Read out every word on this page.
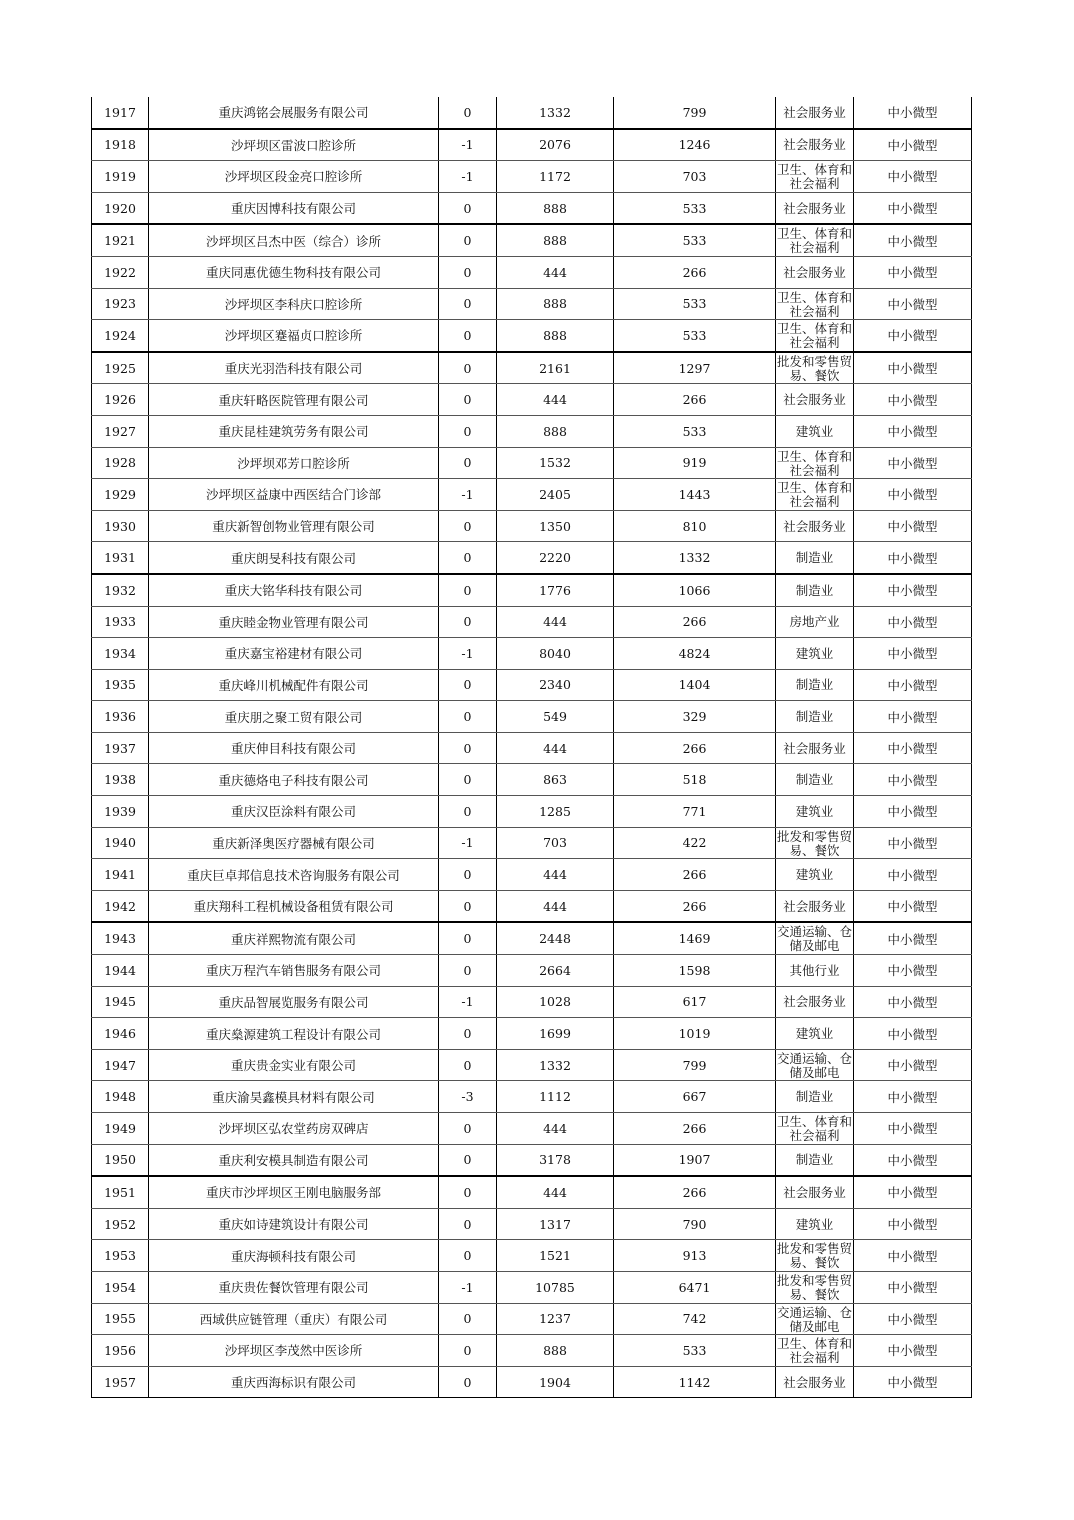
1917	重庆鸿铭会展服务有限公司	0	1332	799	社会服务业	中小微型
1918	沙坪坝区雷波口腔诊所	-1	2076	1246	社会服务业	中小微型
1919	沙坪坝区段金亮口腔诊所	-1	1172	703	卫生、体育和社会福利	中小微型
1920	重庆因博科技有限公司	0	888	533	社会服务业	中小微型
1921	沙坪坝区吕杰中医（综合）诊所	0	888	533	卫生、体育和社会福利	中小微型
1922	重庆同惠优德生物科技有限公司	0	444	266	社会服务业	中小微型
1923	沙坪坝区李科庆口腔诊所	0	888	533	卫生、体育和社会福利	中小微型
1924	沙坪坝区蹇福贞口腔诊所	0	888	533	卫生、体育和社会福利	中小微型
1925	重庆光羽浩科技有限公司	0	2161	1297	批发和零售贸易、餐饮	中小微型
1926	重庆轩略医院管理有限公司	0	444	266	社会服务业	中小微型
1927	重庆昆桂建筑劳务有限公司	0	888	533	建筑业	中小微型
1928	沙坪坝邓芳口腔诊所	0	1532	919	卫生、体育和社会福利	中小微型
1929	沙坪坝区益康中西医结合门诊部	-1	2405	1443	卫生、体育和社会福利	中小微型
1930	重庆新智创物业管理有限公司	0	1350	810	社会服务业	中小微型
1931	重庆朗旻科技有限公司	0	2220	1332	制造业	中小微型
1932	重庆大铭华科技有限公司	0	1776	1066	制造业	中小微型
1933	重庆睦金物业管理有限公司	0	444	266	房地产业	中小微型
1934	重庆嘉宝裕建材有限公司	-1	8040	4824	建筑业	中小微型
1935	重庆峰川机械配件有限公司	0	2340	1404	制造业	中小微型
1936	重庆朋之聚工贸有限公司	0	549	329	制造业	中小微型
1937	重庆伸目科技有限公司	0	444	266	社会服务业	中小微型
1938	重庆德烙电子科技有限公司	0	863	518	制造业	中小微型
1939	重庆汉臣涂料有限公司	0	1285	771	建筑业	中小微型
1940	重庆新泽奥医疗器械有限公司	-1	703	422	批发和零售贸易、餐饮	中小微型
1941	重庆巨卓邦信息技术咨询服务有限公司	0	444	266	建筑业	中小微型
1942	重庆翔科工程机械设备租赁有限公司	0	444	266	社会服务业	中小微型
1943	重庆祥熙物流有限公司	0	2448	1469	交通运输、仓储及邮电	中小微型
1944	重庆万程汽车销售服务有限公司	0	2664	1598	其他行业	中小微型
1945	重庆品智展览服务有限公司	-1	1028	617	社会服务业	中小微型
1946	重庆燊源建筑工程设计有限公司	0	1699	1019	建筑业	中小微型
1947	重庆贵金实业有限公司	0	1332	799	交通运输、仓储及邮电	中小微型
1948	重庆渝昊鑫模具材料有限公司	-3	1112	667	制造业	中小微型
1949	沙坪坝区弘农堂药房双碑店	0	444	266	卫生、体育和社会福利	中小微型
1950	重庆利安模具制造有限公司	0	3178	1907	制造业	中小微型
1951	重庆市沙坪坝区王刚电脑服务部	0	444	266	社会服务业	中小微型
1952	重庆如诗建筑设计有限公司	0	1317	790	建筑业	中小微型
1953	重庆海顿科技有限公司	0	1521	913	批发和零售贸易、餐饮	中小微型
1954	重庆贵佐餐饮管理有限公司	-1	10785	6471	批发和零售贸易、餐饮	中小微型
1955	西域供应链管理（重庆）有限公司	0	1237	742	交通运输、仓储及邮电	中小微型
1956	沙坪坝区李茂然中医诊所	0	888	533	卫生、体育和社会福利	中小微型
1957	重庆西海标识有限公司	0	1904	1142	社会服务业	中小微型
